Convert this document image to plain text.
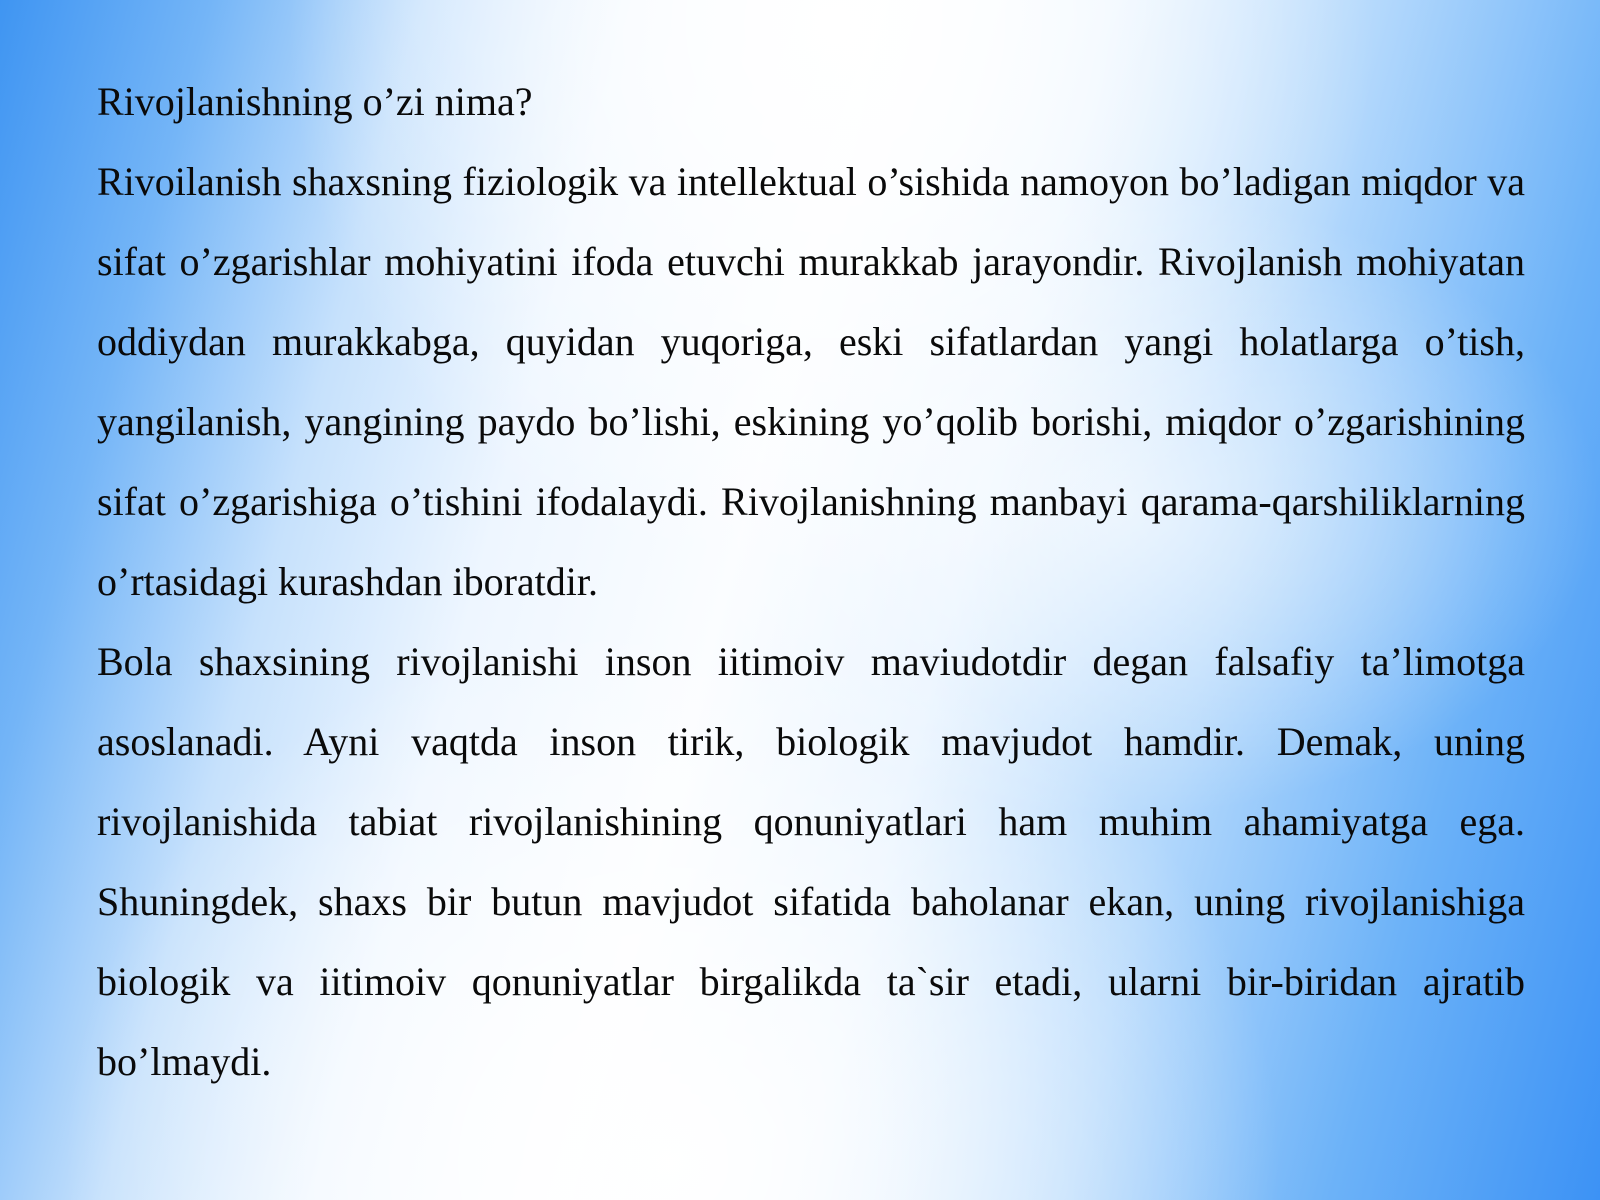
Rivojlanishning o’zi nima?

Rivoilanish shaxsning fiziologik va intellektual o’sishida namoyon bo’ladigan miqdor va sifat o’zgarishlar mohiyatini ifoda etuvchi murakkab jarayondir. Rivojlanish mohiyatan oddiydan murakkabga, quyidan yuqoriga, eski sifatlardan yangi holatlarga o’tish, yangilanish, yangining paydo bo’lishi, eskining yo’qolib borishi, miqdor o’zgarishining sifat o’zgarishiga o’tishini ifodalaydi. Rivojlanishning manbayi qarama-qarshiliklarning o’rtasidagi kurashdan iboratdir.

Bola shaxsining rivojlanishi inson iitimoiv maviudotdir degan falsafiy ta’limotga asoslanadi. Ayni vaqtda inson tirik, biologik mavjudot hamdir. Demak, uning rivojlanishida tabiat rivojlanishining qonuniyatlari ham muhim ahamiyatga ega. Shuningdek, shaxs bir butun mavjudot sifatida baholanar ekan, uning rivojlanishiga biologik va iitimoiv qonuniyatlar birgalikda ta`sir etadi, ularni bir-biridan ajratib bo’lmaydi.
